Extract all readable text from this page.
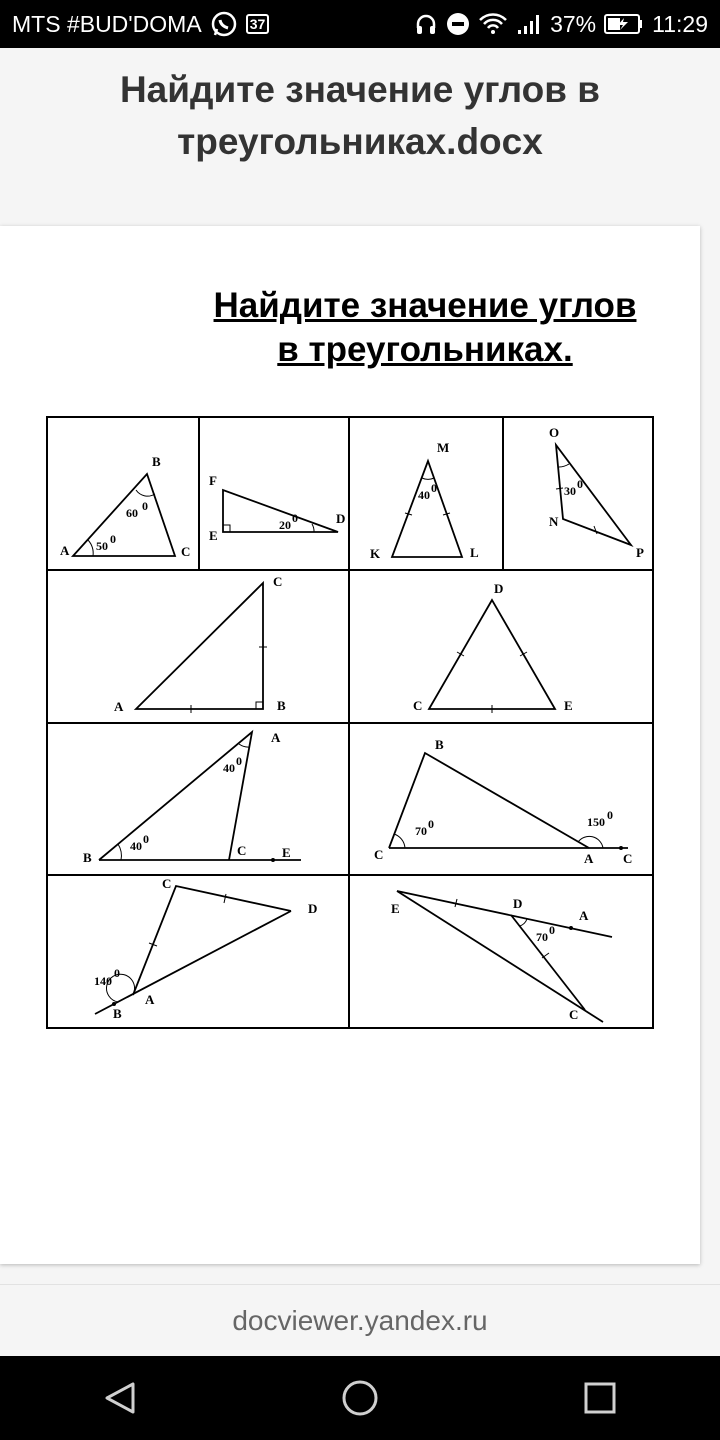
MTS #BUD'DOMA	37	37% 11:29
Найдите значение углов в треугольниках.docx
Найдите значение углов
в треугольниках.
B
A	C
60 0
50 0
F
E
D
20 0
M
K	L
40 0
O
N
P
30 0
C
A	B
D
C	E
A
B	C	E
40 0
40 0
B
C	A C
70 0	150 0
C
D
B
A
140
0
E	D
A
C
70 0
docviewer.yandex.ru
